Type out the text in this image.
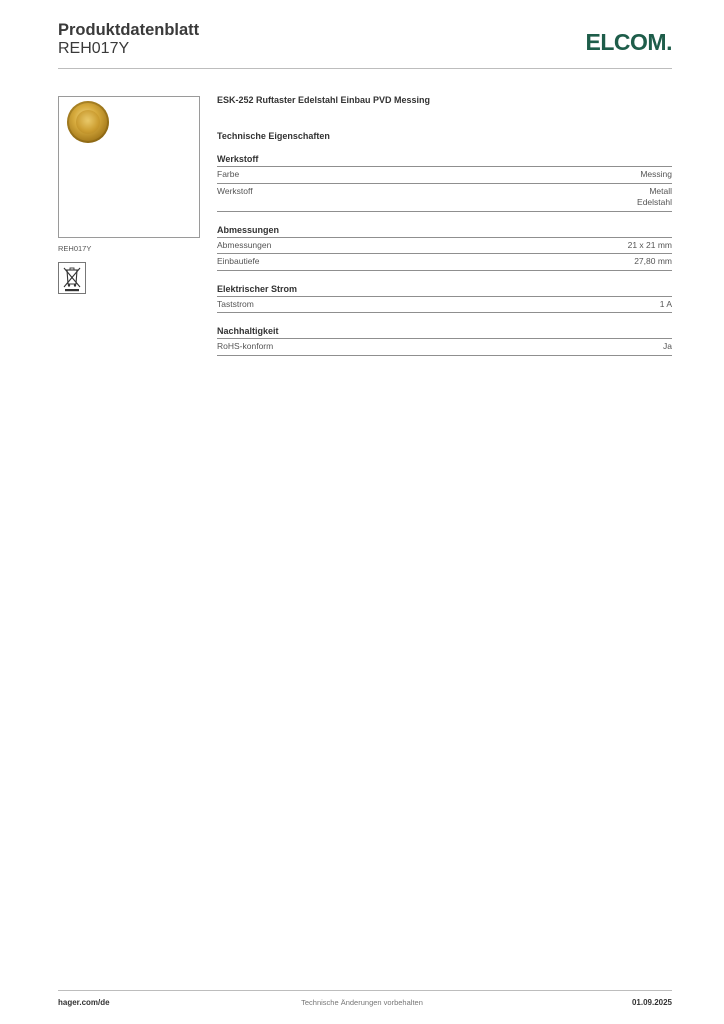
Produktdatenblatt
REH017Y	ELCOM.
REH017Y
ESK-252 Ruftaster Edelstahl Einbau PVD Messing
Technische Eigenschaften
Werkstoff
Farbe	Messing
Werkstoff	Metall
Edelstahl
Abmessungen
Abmessungen	21 x 21 mm
Einbautiefe	27,80 mm
Elektrischer Strom
Taststrom	1 A
Nachhaltigkeit
RoHS-konform	Ja
hager.com/de	Technische Änderungen vorbehalten	01.09.2025
